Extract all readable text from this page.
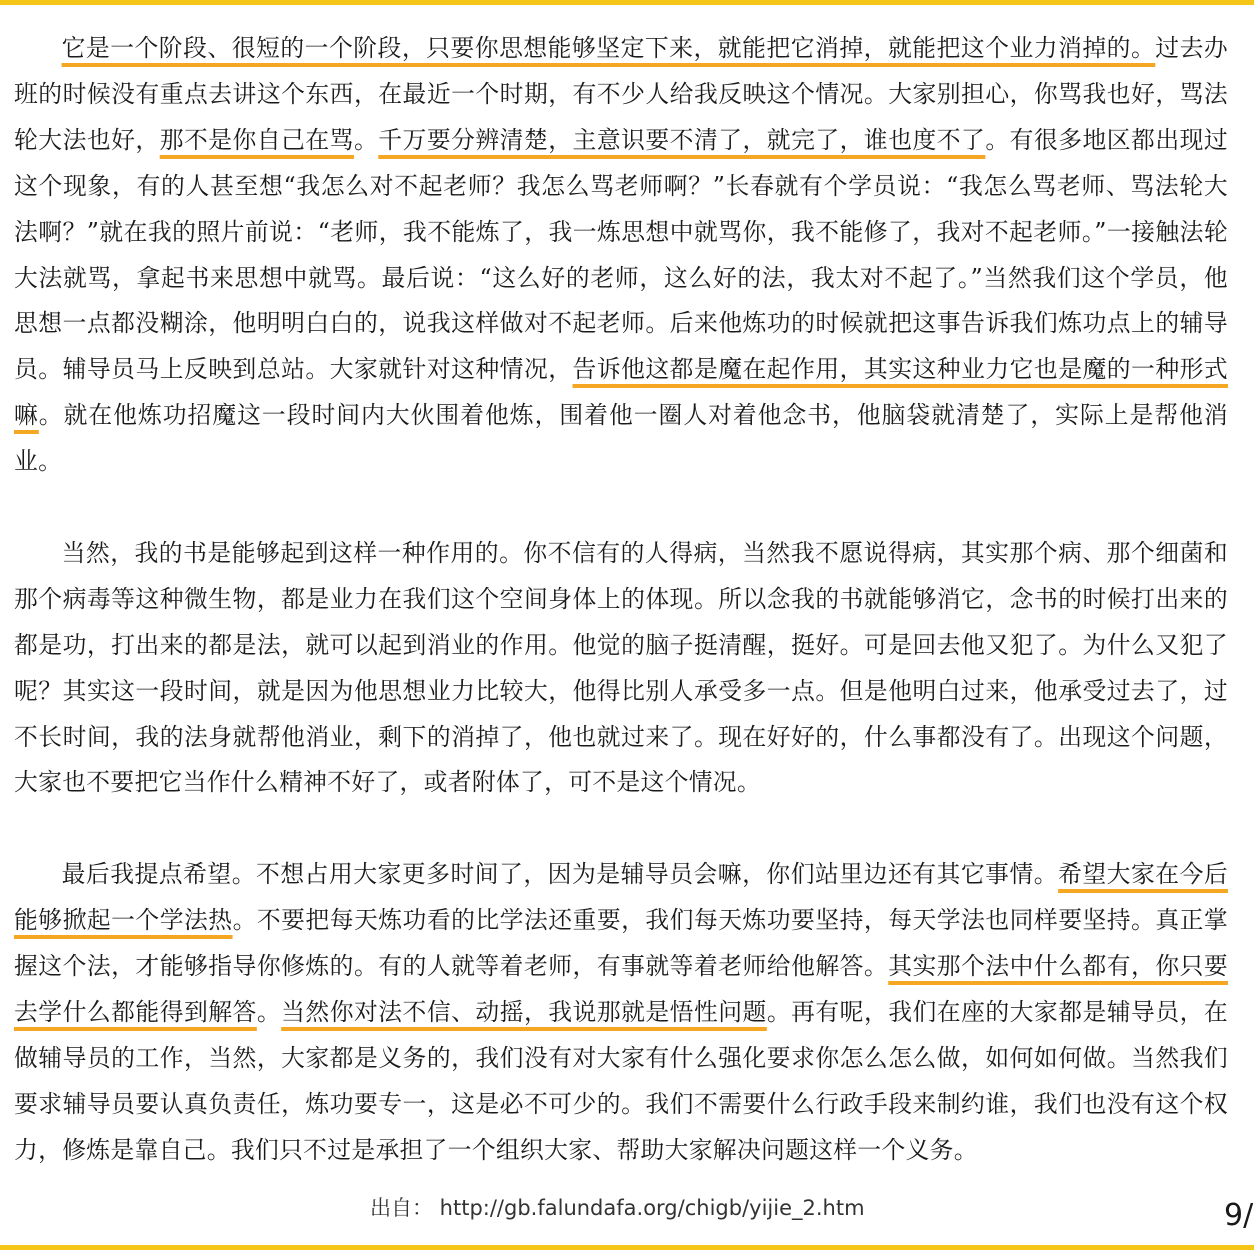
它是一个阶段、很短的一个阶段，只要你思想能够坚定下来，就能把它消掉，就能把这个业力消掉的。过去办班的时候没有重点去讲这个东西，在最近一个时期，有不少人给我反映这个情况。大家别担心，你骂我也好，骂法轮大法也好，那不是你自己在骂。千万要分辨清楚，主意识要不清了，就完了，谁也度不了。有很多地区都出现过这个现象，有的人甚至想“我怎么对不起老师？我怎么骂老师啊？”长春就有个学员说：“我怎么骂老师、骂法轮大法啊？”就在我的照片前说：“老师，我不能炼了，我一炼思想中就骂你，我不能修了，我对不起老师。”一接触法轮大法就骂，拿起书来思想中就骂。最后说：“这么好的老师，这么好的法，我太对不起了。”当然我们这个学员，他思想一点都没糊涂，他明明白白的，说我这样做对不起老师。后来他炼功的时候就把这事告诉我们炼功点上的辅导员。辅导员马上反映到总站。大家就针对这种情况，告诉他这都是魔在起作用，其实这种业力它也是魔的一种形式嘛。就在他炼功招魔这一段时间内大伙围着他炼，围着他一圈人对着他念书，他脑袋就清楚了，实际上是帮他消业。

当然，我的书是能够起到这样一种作用的。你不信有的人得病，当然我不愿说得病，其实那个病、那个细菌和那个病毒等这种微生物，都是业力在我们这个空间身体上的体现。所以念我的书就能够消它，念书的时候打出来的都是功，打出来的都是法，就可以起到消业的作用。他觉的脑子挺清醒，挺好。可是回去他又犯了。为什么又犯了呢？其实这一段时间，就是因为他思想业力比较大，他得比别人承受多一点。但是他明白过来，他承受过去了，过不长时间，我的法身就帮他消业，剩下的消掉了，他也就过来了。现在好好的，什么事都没有了。出现这个问题，大家也不要把它当作什么精神不好了，或者附体了，可不是这个情况。

最后我提点希望。不想占用大家更多时间了，因为是辅导员会嘛，你们站里边还有其它事情。希望大家在今后能够掀起一个学法热。不要把每天炼功看的比学法还重要，我们每天炼功要坚持，每天学法也同样要坚持。真正掌握这个法，才能够指导你修炼的。有的人就等着老师，有事就等着老师给他解答。其实那个法中什么都有，你只要去学什么都能得到解答。当然你对法不信、动摇，我说那就是悟性问题。再有呢，我们在座的大家都是辅导员，在做辅导员的工作，当然，大家都是义务的，我们没有对大家有什么强化要求你怎么怎么做，如何如何做。当然我们要求辅导员要认真负责任，炼功要专一，这是必不可少的。我们不需要什么行政手段来制约谁，我们也没有这个权力，修炼是靠自己。我们只不过是承担了一个组织大家、帮助大家解决问题这样一个义务。

出自： http://gb.falundafa.org/chigb/yijie_2.htm	9/
